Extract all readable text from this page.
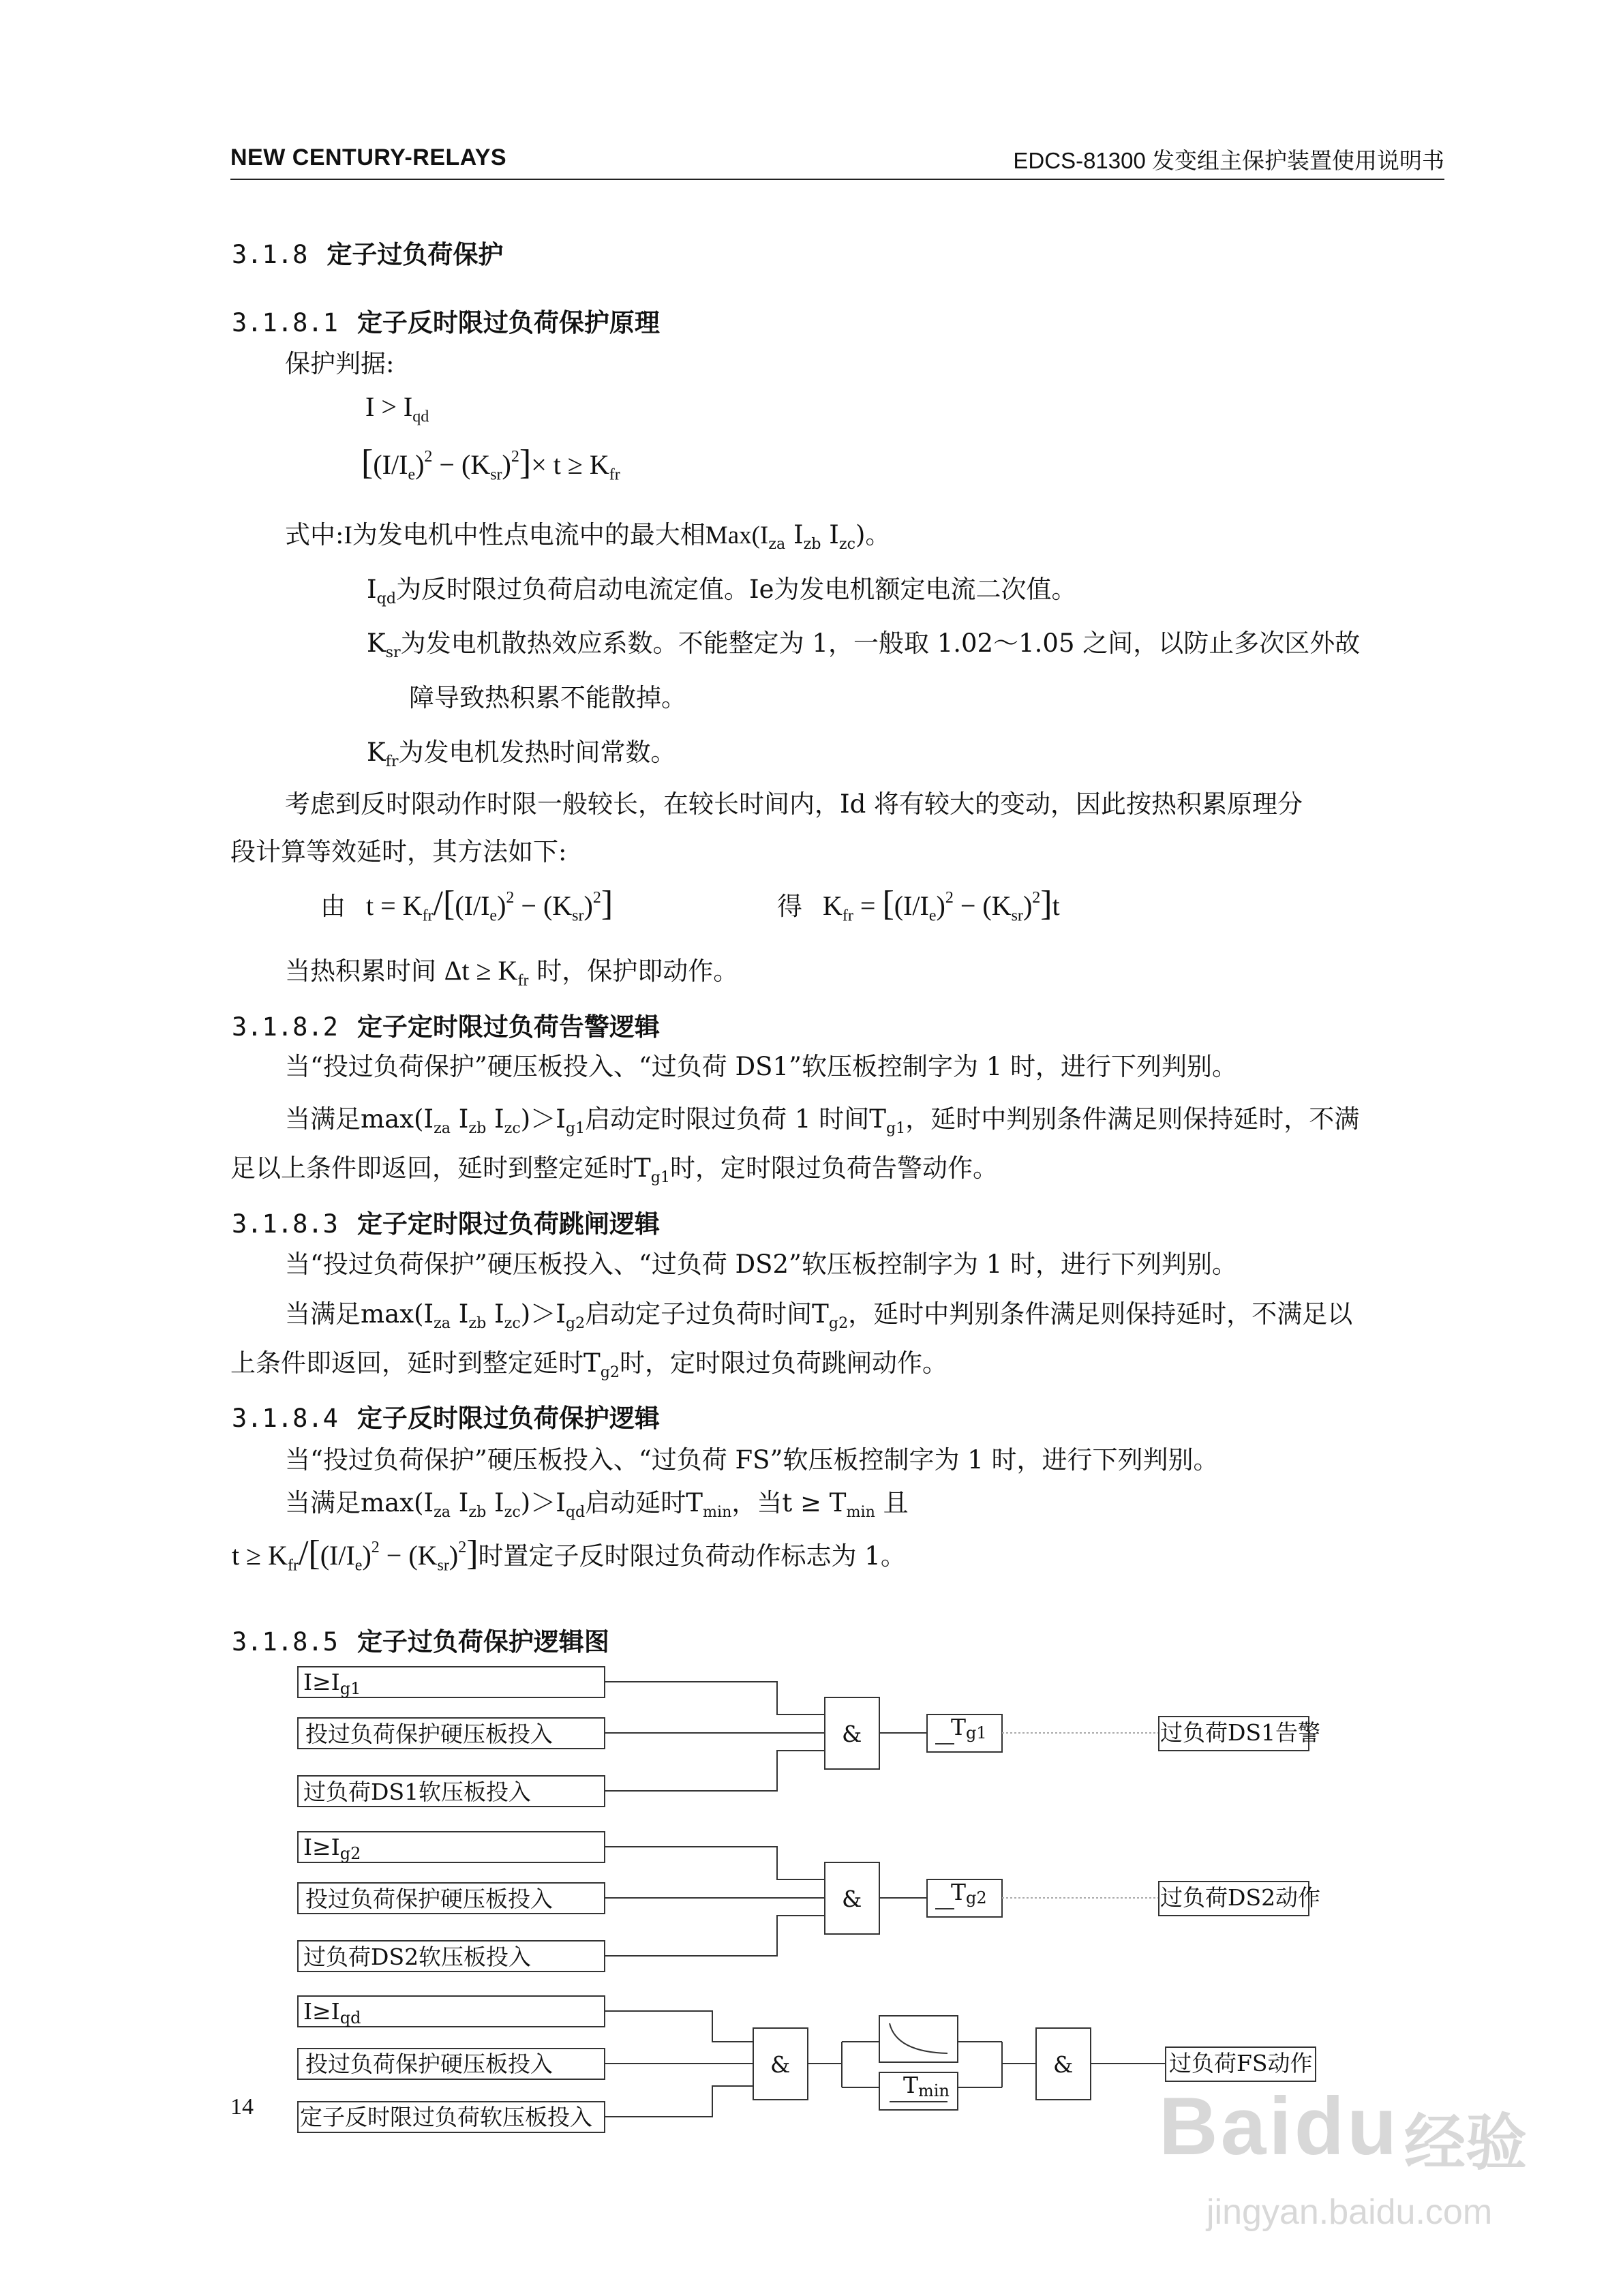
NEW CENTURY-RELAYS	EDCS-81300 发变组主保护装置使用说明书
3.1.8 定子过负荷保护
3.1.8.1 定子反时限过负荷保护原理
保护判据:
$I > I_{qd}$
$[(I/I_e)^2 - (K_{sr})^2]\times t \ge K_{fr}$
式中:I为发电机中性点电流中的最大相$Max(I_{za}$ $I_{zb}$ $I_{zc}$)。
$I_{qd}$为反时限过负荷启动电流定值。Ie为发电机额定电流二次值。
$K_{sr}$为发电机散热效应系数。不能整定为 1，一般取 1.02～1.05 之间，以防止多次区外故
障导致热积累不能散掉。
$K_{fr}$为发电机发热时间常数。
考虑到反时限动作时限一般较长，在较长时间内，Id 将有较大的变动，因此按热积累原理分
段计算等效延时，其方法如下:
由   $t = K_{fr}/[(I/I_e)^2 - (K_{sr})^2]$	得   $K_{fr} = [(I/I_e)^2 - (K_{sr})^2]t$
当热积累时间 $\Delta t \ge K_{fr}$ 时，保护即动作。
3.1.8.2 定子定时限过负荷告警逻辑
当“投过负荷保护”硬压板投入、“过负荷 DS1”软压板控制字为 1 时，进行下列判别。
当满足$\max(I_{za}$ $I_{zb}$ $I_{zc})>I_{g1}$启动定时限过负荷 1 时间$T_{g1}$，延时中判别条件满足则保持延时，不满
足以上条件即返回，延时到整定延时$T_{g1}$时，定时限过负荷告警动作。
3.1.8.3 定子定时限过负荷跳闸逻辑
当“投过负荷保护”硬压板投入、“过负荷 DS2”软压板控制字为 1 时，进行下列判别。
当满足$\max(I_{za}$ $I_{zb}$ $I_{zc})>I_{g2}$启动定子过负荷时间$T_{g2}$，延时中判别条件满足则保持延时，不满足以
上条件即返回，延时到整定延时$T_{g2}$时，定时限过负荷跳闸动作。
3.1.8.4 定子反时限过负荷保护逻辑
当“投过负荷保护”硬压板投入、“过负荷 FS”软压板控制字为 1 时，进行下列判别。
当满足$\max(I_{za}$ $I_{zb}$ $I_{zc})>I_{qd}$启动延时$T_{min}$，当$t \ge T_{min}$ 且
$t \ge K_{fr}/[(I/I_e)^2 - (K_{sr})^2]$时置定子反时限过负荷动作标志为 1。
3.1.8.5 定子过负荷保护逻辑图
I≥Ig1
投过负荷保护硬压板投入
过负荷DS1软压板投入
&	Tg1	过负荷DS1告警
I≥Ig2
投过负荷保护硬压板投入
过负荷DS2软压板投入
&	Tg2	过负荷DS2动作
I≥Iqd
投过负荷保护硬压板投入
定子反时限过负荷软压板投入
&
Tmin
&	过负荷FS动作
14	Baidu 经验
jingyan.baidu.com
